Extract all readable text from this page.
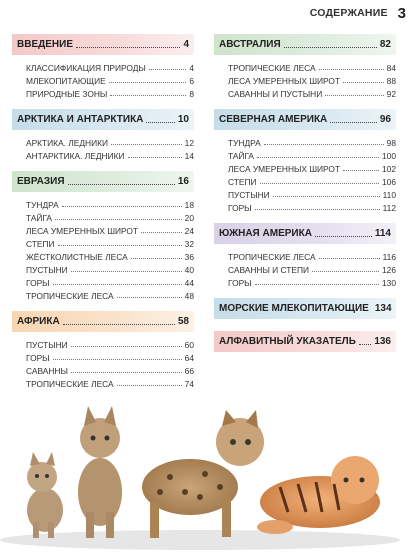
СОДЕРЖАНИЕ 3
ВВЕДЕНИЕ	4
КЛАССИФИКАЦИЯ ПРИРОДЫ	4
МЛЕКОПИТАЮЩИЕ	6
ПРИРОДНЫЕ ЗОНЫ	8
АРКТИКА И АНТАРКТИКА	10
АРКТИКА. ЛЕДНИКИ	12
АНТАРКТИКА. ЛЕДНИКИ	14
ЕВРАЗИЯ	16
ТУНДРА	18
ТАЙГА	20
ЛЕСА УМЕРЕННЫХ ШИРОТ	24
СТЕПИ	32
ЖЁСТКОЛИСТНЫЕ ЛЕСА	36
ПУСТЫНИ	40
ГОРЫ	44
ТРОПИЧЕСКИЕ ЛЕСА	48
АФРИКА	58
ПУСТЫНИ	60
ГОРЫ	64
САВАННЫ	66
ТРОПИЧЕСКИЕ ЛЕСА	74
АВСТРАЛИЯ	82
ТРОПИЧЕСКИЕ ЛЕСА	84
ЛЕСА УМЕРЕННЫХ ШИРОТ	88
САВАННЫ И ПУСТЫНИ	92
СЕВЕРНАЯ АМЕРИКА	96
ТУНДРА	98
ТАЙГА	100
ЛЕСА УМЕРЕННЫХ ШИРОТ	102
СТЕПИ	106
ПУСТЫНИ	110
ГОРЫ	112
ЮЖНАЯ АМЕРИКА	114
ТРОПИЧЕСКИЕ ЛЕСА	116
САВАННЫ И СТЕПИ	126
ГОРЫ	130
МОРСКИЕ МЛЕКОПИТАЮЩИЕ 134
АЛФАВИТНЫЙ УКАЗАТЕЛЬ 136
